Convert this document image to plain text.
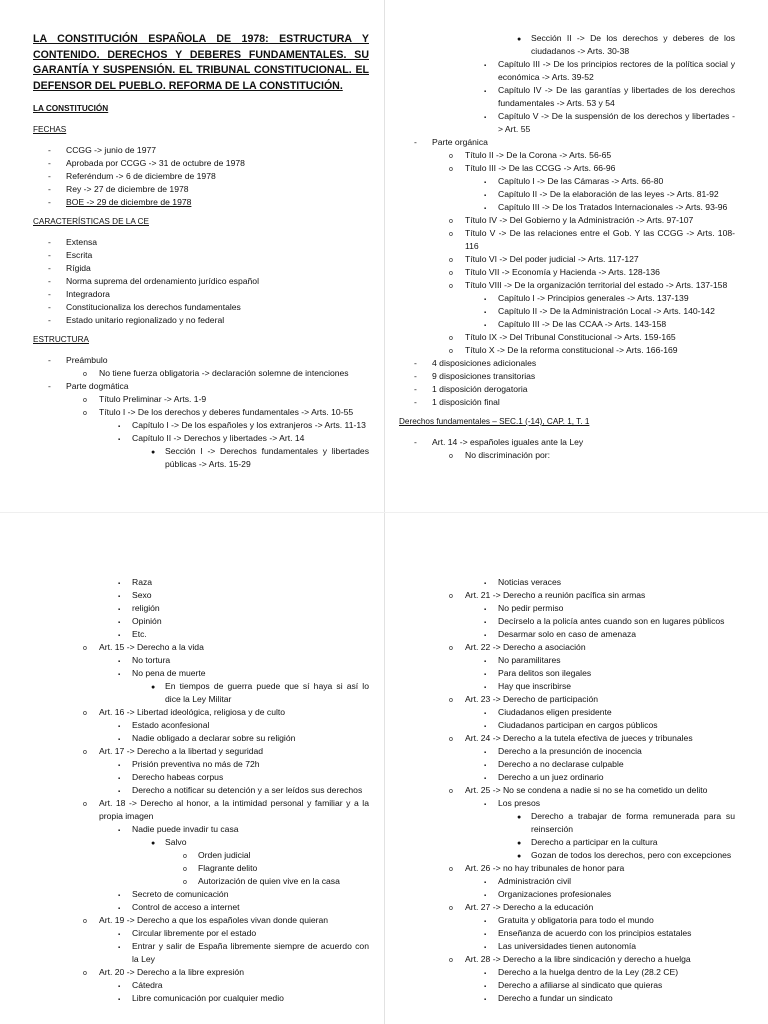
LA CONSTITUCIÓN ESPAÑOLA DE 1978: ESTRUCTURA Y CONTENIDO. DERECHOS Y DEBERES FUNDAMENTALES. SU GARANTÍA Y SUSPENSIÓN. EL TRIBUNAL CONSTITUCIONAL. EL
DEFENSOR DEL PUEBLO. REFORMA DE LA CONSTITUCIÓN.
LA CONSTITUCIÓN
FECHAS
- CCGG -> junio de 1977
- Aprobada por CCGG -> 31 de octubre de 1978
- Referéndum -> 6 de diciembre de 1978
- Rey -> 27 de diciembre de 1978
- BOE -> 29 de diciembre de 1978
CARACTERÍSTICAS DE LA CE
- Extensa
- Escrita
- Rígida
- Norma suprema del ordenamiento jurídico español
- Integradora
- Constitucionaliza los derechos fundamentales
- Estado unitario regionalizado y no federal
ESTRUCTURA
- Preámbulo
o No tiene fuerza obligatoria -> declaración solemne de intenciones
- Parte dogmática
o Título Preliminar -> Arts. 1-9
o Título I -> De los derechos y deberes fundamentales -> Arts. 10-55
▪ Capítulo I -> De los españoles y los extranjeros -> Arts. 11-13
▪ Capítulo II -> Derechos y libertades -> Art. 14
● Sección I -> Derechos fundamentales y libertades públicas -> Arts. 15-29
● Sección II -> De los derechos y deberes de los ciudadanos -> Arts. 30-38
▪ Capítulo III -> De los principios rectores de la política social y económica -> Arts. 39-52
▪ Capítulo IV -> De las garantías y libertades de los derechos fundamentales -> Arts. 53 y 54
▪ Capítulo V -> De la suspensión de los derechos y libertades -> Art. 55
- Parte orgánica
o Título II -> De la Corona -> Arts. 56-65
o Título III -> De las CCGG -> Arts. 66-96
▪ Capítulo I -> De las Cámaras -> Arts. 66-80
▪ Capítulo II -> De la elaboración de las leyes -> Arts. 81-92
▪ Capítulo III -> De los Tratados Internacionales -> Arts. 93-96
o Título IV -> Del Gobierno y la Administración -> Arts. 97-107
o Título V -> De las relaciones entre el Gob. Y las CCGG -> Arts. 108-116
o Título VI -> Del poder judicial -> Arts. 117-127
o Título VII -> Economía y Hacienda -> Arts. 128-136
o Título VIII -> De la organización territorial del estado -> Arts. 137-158
▪ Capítulo I -> Principios generales -> Arts. 137-139
▪ Capítulo II -> De la Administración Local -> Arts. 140-142
▪ Capítulo III -> De las CCAA -> Arts. 143-158
o Título IX -> Del Tribunal Constitucional -> Arts. 159-165
o Título X -> De la reforma constitucional -> Arts. 166-169
- 4 disposiciones adicionales
- 9 disposiciones transitorias
- 1 disposición derogatoria
- 1 disposición final
Derechos fundamentales – SEC.1 (-14), CAP. 1, T. 1
- Art. 14 -> españoles iguales ante la Ley
o No discriminación por:
▪ Raza
▪ Sexo
▪ religión
▪ Opinión
▪ Etc.
o Art. 15 -> Derecho a la vida
▪ No tortura
▪ No pena de muerte
● En tiempos de guerra puede que sí haya si así lo dice la Ley Militar
o Art. 16 -> Libertad ideológica, religiosa y de culto
▪ Estado aconfesional
▪ Nadie obligado a declarar sobre su religión
o Art. 17 -> Derecho a la libertad y seguridad
▪ Prisión preventiva no más de 72h
▪ Derecho habeas corpus
▪ Derecho a notificar su detención y a ser leídos sus derechos
o Art. 18 -> Derecho al honor, a la intimidad personal y familiar y a la propia imagen
▪ Nadie puede invadir tu casa
● Salvo
o Orden judicial
o Flagrante delito
o Autorización de quien vive en la casa
▪ Secreto de comunicación
▪ Control de acceso a internet
o Art. 19 -> Derecho a que los españoles vivan donde quieran
▪ Circular libremente por el estado
▪ Entrar y salir de España libremente siempre de acuerdo con la Ley
o Art. 20 -> Derecho a la libre expresión
▪ Cátedra
▪ Libre comunicación por cualquier medio
▪ Noticias veraces
o Art. 21 -> Derecho a reunión pacífica sin armas
▪ No pedir permiso
▪ Decírselo a la policía antes cuando son en lugares públicos
▪ Desarmar solo en caso de amenaza
o Art. 22 -> Derecho a asociación
▪ No paramilitares
▪ Para delitos son ilegales
▪ Hay que inscribirse
o Art. 23 -> Derecho de participación
▪ Ciudadanos eligen presidente
▪ Ciudadanos participan en cargos públicos
o Art. 24 -> Derecho a la tutela efectiva de jueces y tribunales
▪ Derecho a la presunción de inocencia
▪ Derecho a no declarase culpable
▪ Derecho a un juez ordinario
o Art. 25 -> No se condena a nadie si no se ha cometido un delito
▪ Los presos
● Derecho a trabajar de forma remunerada para su reinserción
● Derecho a participar en la cultura
● Gozan de todos los derechos, pero con excepciones
o Art. 26 -> no hay tribunales de honor para
▪ Administración civil
▪ Organizaciones profesionales
o Art. 27 -> Derecho a la educación
▪ Gratuita y obligatoria para todo el mundo
▪ Enseñanza de acuerdo con los principios estatales
▪ Las universidades tienen autonomía
o Art. 28 -> Derecho a la libre sindicación y derecho a huelga
▪ Derecho a la huelga dentro de la Ley (28.2 CE)
▪ Derecho a afiliarse al sindicato que quieras
▪ Derecho a fundar un sindicato
